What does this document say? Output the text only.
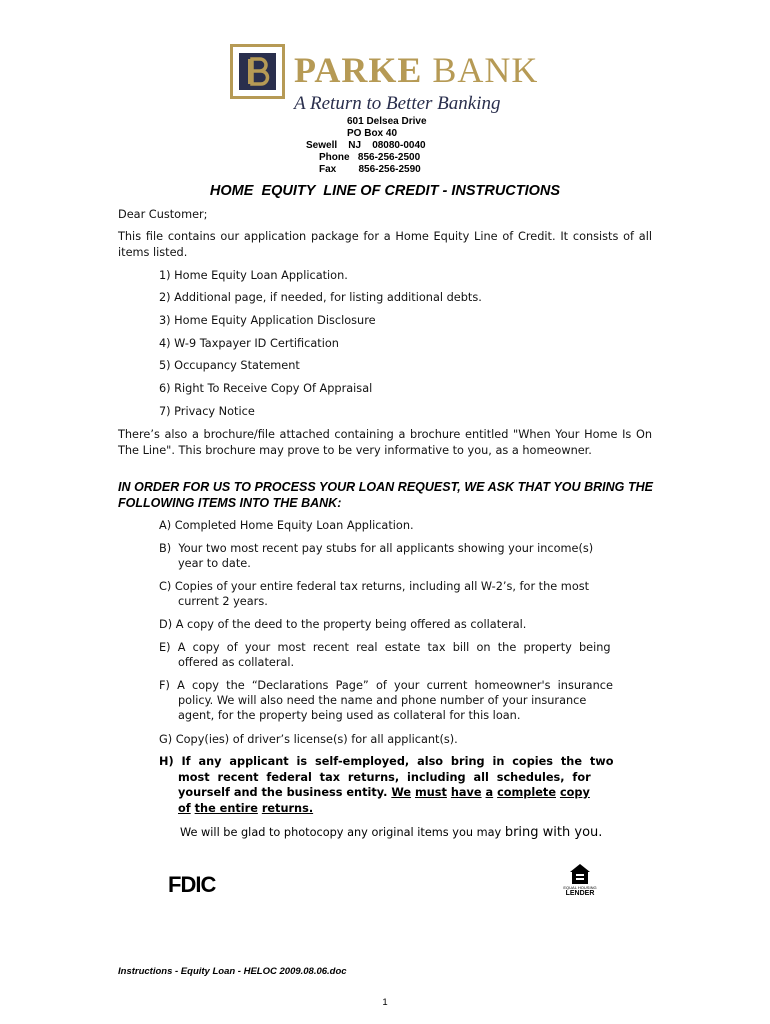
PARKE BANK
A Return to Better Banking
601 Delsea Drive
PO Box 40
Sewell NJ 08080-0040
Phone 856-256-2500
Fax 856-256-2590
HOME  EQUITY  LINE OF CREDIT - INSTRUCTIONS
Dear Customer;
This file contains our application package for a Home Equity Line of Credit. It consists of all items listed.
1) Home Equity Loan Application.
2) Additional page, if needed, for listing additional debts.
3) Home Equity Application Disclosure
4) W-9 Taxpayer ID Certification
5) Occupancy Statement
6) Right To Receive Copy Of Appraisal
7) Privacy Notice
There’s also a brochure/file attached containing a brochure entitled "When Your Home Is On The Line". This brochure may prove to be very informative to you, as a homeowner.
IN ORDER FOR US TO PROCESS YOUR LOAN REQUEST, WE ASK THAT YOU BRING THE FOLLOWING ITEMS INTO THE BANK:
A) Completed Home Equity Loan Application.
B)  Your two most recent pay stubs for all applicants showing your income(s)
year to date.
C) Copies of your entire federal tax returns, including all W-2’s, for the most
current 2 years.
D) A copy of the deed to the property being offered as collateral.
E)  A  copy  of  your  most  recent  real  estate  tax  bill  on  the  property  being
offered as collateral.
F)  A  copy  the  “Declarations  Page”  of  your  current  homeowner's  insurance
policy. We will also need the name and phone number of your insurance
agent, for the property being used as collateral for this loan.
G) Copy(ies) of driver’s license(s) for all applicant(s).
H)  If  any  applicant  is  self-employed,  also  bring  in  copies  the  two
most  recent  federal  tax  returns,  including  all  schedules,  for
yourself and the business entity. We must have a complete copy
of the entire returns.
We will be glad to photocopy any original items you may bring with you.
FDIC	EQUAL HOUSING
LENDER
Instructions - Equity Loan - HELOC 2009.08.06.doc
1
